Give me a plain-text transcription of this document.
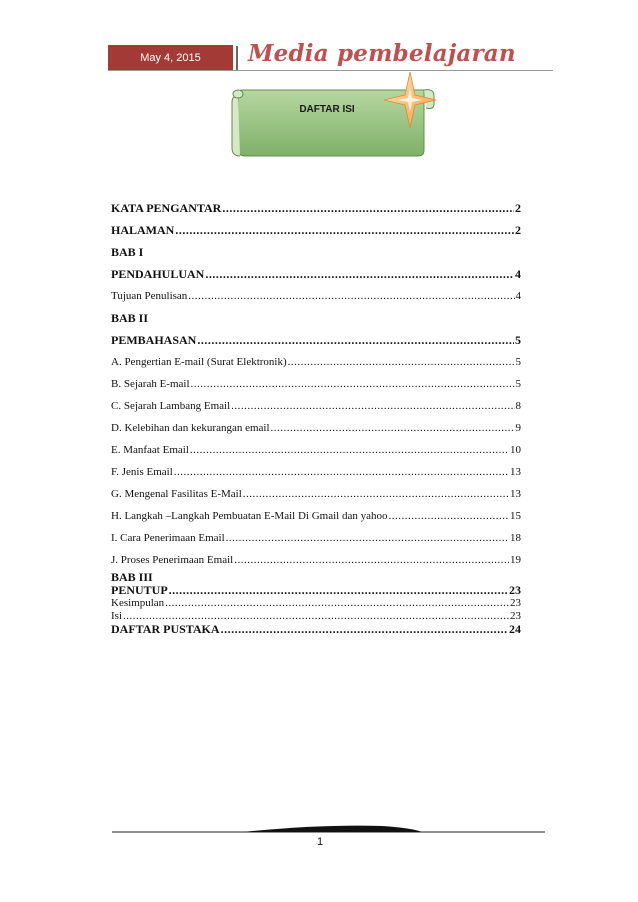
May 4, 2015	Media pembelajaran
DAFTAR ISI
KATA PENGANTAR .....	2
HALAMAN .....	2
BAB I
PENDAHULUAN .....	4
Tujuan Penulisan .....	4
BAB II
PEMBAHASAN .....	5
A. Pengertian E-mail (Surat Elektronik) .....	5
B. Sejarah E-mail .....	5
C. Sejarah Lambang Email .....	8
D. Kelebihan dan kekurangan email .....	9
E. Manfaat Email .....	10
F. Jenis Email .....	13
G. Mengenal Fasilitas E-Mail .....	13
H. Langkah –Langkah Pembuatan E-Mail Di Gmail dan yahoo .....	15
I. Cara Penerimaan Email .....	18
J. Proses Penerimaan Email .....	19
BAB III
PENUTUP .....	23
Kesimpulan .....	23
Isi .....	23
DAFTAR PUSTAKA .....	24
1
